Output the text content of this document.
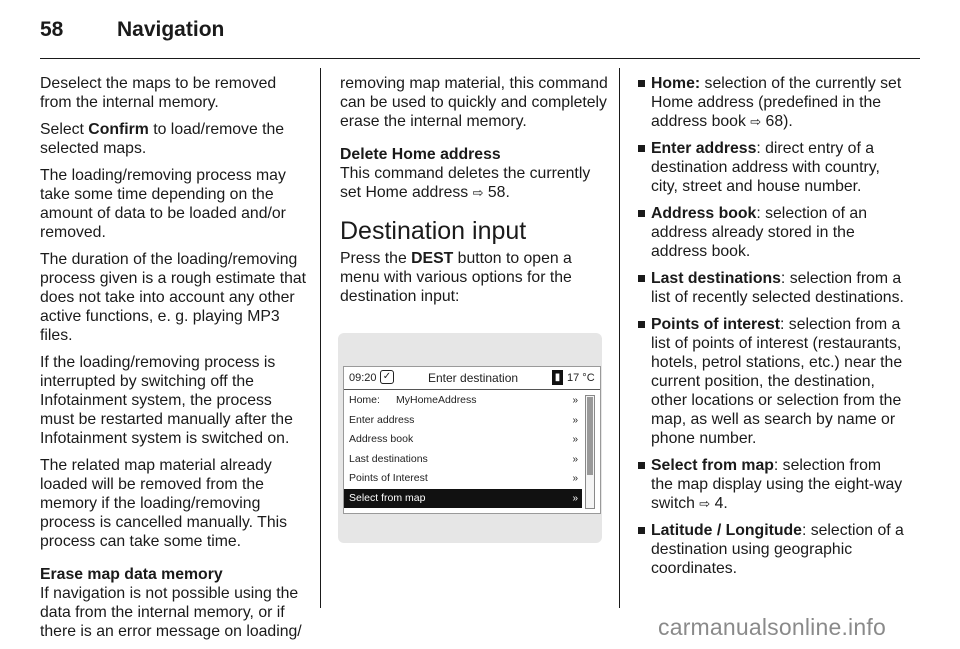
58	Navigation

Deselect the maps to be removed from the internal memory.

Select Confirm to load/remove the selected maps.

The loading/removing process may take some time depending on the amount of data to be loaded and/or removed.

The duration of the loading/removing process given is a rough estimate that does not take into account any other active functions, e. g. playing MP3 files.

If the loading/removing process is interrupted by switching off the Infotainment system, the process must be restarted manually after the Infotainment system is switched on.

The related map material already loaded will be removed from the memory if the loading/removing process is cancelled manually. This process can take some time.

Erase map data memory
If navigation is not possible using the data from the internal memory, or if there is an error message on loading/

removing map material, this command can be used to quickly and completely erase the internal memory.

Delete Home address
This command deletes the currently set Home address ⇨ 58.

Destination input

Press the DEST button to open a menu with various options for the destination input:

09:20 ✓	Enter destination	▮ 17 °C
Home: MyHomeAddress	»
Enter address	»
Address book	»
Last destinations	»
Points of Interest	»
Select from map	»
Home: selection of the currently set Home address (predefined in the address book ⇨ 68).
Enter address: direct entry of a destination address with country, city, street and house number.
Address book: selection of an address already stored in the address book.
Last destinations: selection from a list of recently selected destinations.
Points of interest: selection from a list of points of interest (restaurants, hotels, petrol stations, etc.) near the current position, the destination, other locations or selection from the map, as well as search by name or phone number.
Select from map: selection from the map display using the eight-way switch ⇨ 4.
Latitude / Longitude: selection of a destination using geographic coordinates.
carmanualsonline.info
